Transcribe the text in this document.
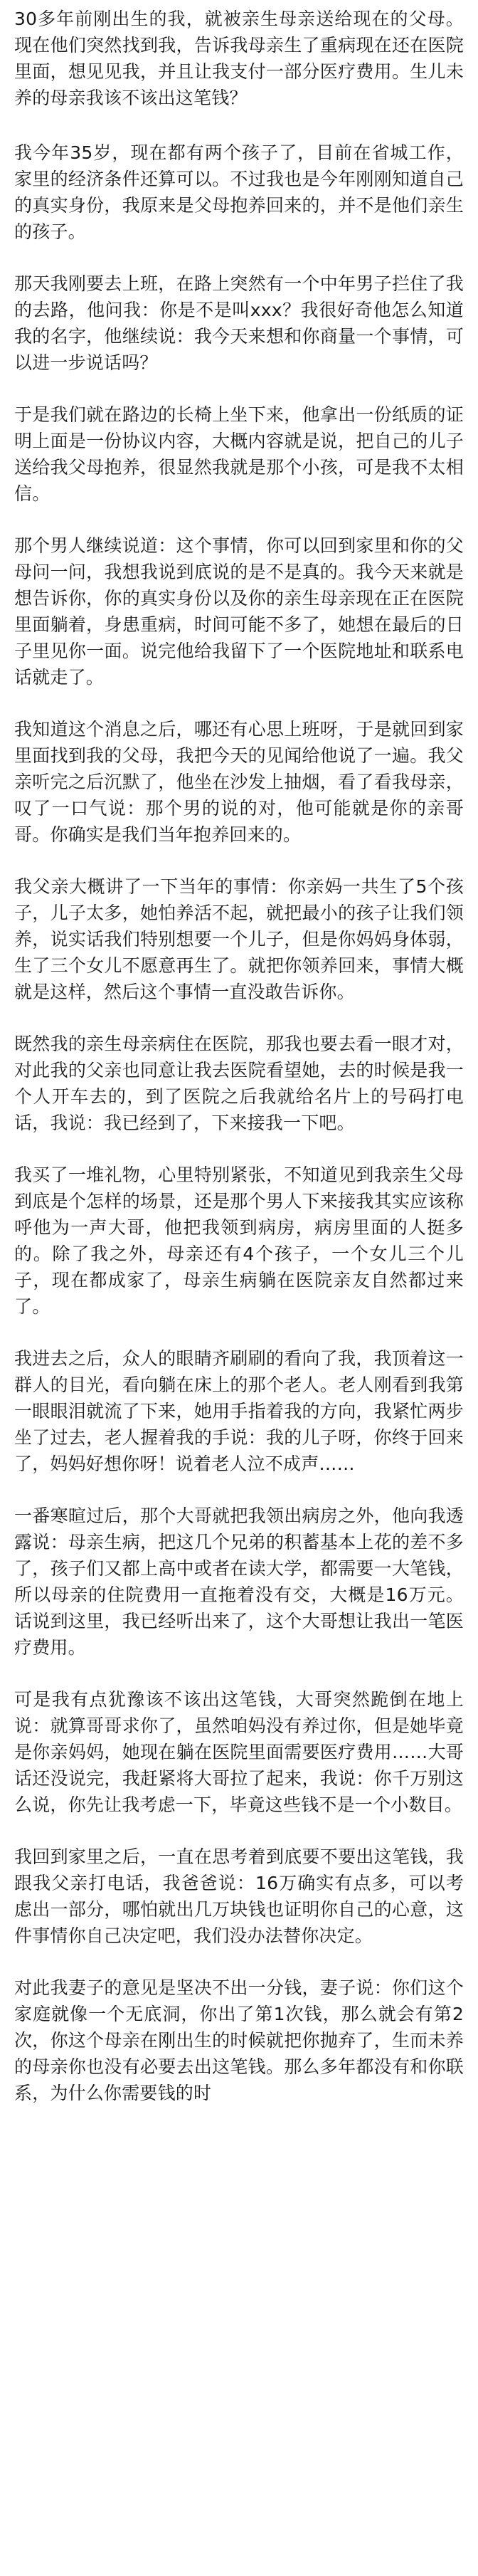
30多年前刚出生的我，就被亲生母亲送给现在的父母。现在他们突然找到我，告诉我母亲生了重病现在还在医院里面，想见见我，并且让我支付一部分医疗费用。生儿未养的母亲我该不该出这笔钱？

我今年35岁，现在都有两个孩子了，目前在省城工作，家里的经济条件还算可以。不过我也是今年刚刚知道自己的真实身份，我原来是父母抱养回来的，并不是他们亲生的孩子。

那天我刚要去上班，在路上突然有一个中年男子拦住了我的去路，他问我：你是不是叫xxx？我很好奇他怎么知道我的名字，他继续说：我今天来想和你商量一个事情，可以进一步说话吗？

于是我们就在路边的长椅上坐下来，他拿出一份纸质的证明上面是一份协议内容，大概内容就是说，把自己的儿子送给我父母抱养，很显然我就是那个小孩，可是我不太相信。

那个男人继续说道：这个事情，你可以回到家里和你的父母问一问，我想我说到底说的是不是真的。我今天来就是想告诉你，你的真实身份以及你的亲生母亲现在正在医院里面躺着，身患重病，时间可能不多了，她想在最后的日子里见你一面。说完他给我留下了一个医院地址和联系电话就走了。

我知道这个消息之后，哪还有心思上班呀，于是就回到家里面找到我的父母，我把今天的见闻给他说了一遍。我父亲听完之后沉默了，他坐在沙发上抽烟，看了看我母亲，叹了一口气说：那个男的说的对，他可能就是你的亲哥哥。你确实是我们当年抱养回来的。

我父亲大概讲了一下当年的事情：你亲妈一共生了5个孩子，儿子太多，她怕养活不起，就把最小的孩子让我们领养，说实话我们特别想要一个儿子，但是你妈妈身体弱，生了三个女儿不愿意再生了。就把你领养回来，事情大概就是这样，然后这个事情一直没敢告诉你。

既然我的亲生母亲病住在医院，那我也要去看一眼才对，对此我的父亲也同意让我去医院看望她，去的时候是我一个人开车去的，到了医院之后我就给名片上的号码打电话，我说：我已经到了，下来接我一下吧。

我买了一堆礼物，心里特别紧张，不知道见到我亲生父母到底是个怎样的场景，还是那个男人下来接我其实应该称呼他为一声大哥，他把我领到病房，病房里面的人挺多的。除了我之外，母亲还有4个孩子，一个女儿三个儿子，现在都成家了，母亲生病躺在医院亲友自然都过来了。

我进去之后，众人的眼睛齐刷刷的看向了我，我顶着这一群人的目光，看向躺在床上的那个老人。老人刚看到我第一眼眼泪就流了下来，她用手指着我的方向，我紧忙两步坐了过去，老人握着我的手说：我的儿子呀，你终于回来了，妈妈好想你呀！说着老人泣不成声……

一番寒暄过后，那个大哥就把我领出病房之外，他向我透露说：母亲生病，把这几个兄弟的积蓄基本上花的差不多了，孩子们又都上高中或者在读大学，都需要一大笔钱，所以母亲的住院费用一直拖着没有交，大概是16万元。话说到这里，我已经听出来了，这个大哥想让我出一笔医疗费用。

可是我有点犹豫该不该出这笔钱，大哥突然跪倒在地上说：就算哥哥求你了，虽然咱妈没有养过你，但是她毕竟是你亲妈妈，她现在躺在医院里面需要医疗费用……大哥话还没说完，我赶紧将大哥拉了起来，我说：你千万别这么说，你先让我考虑一下，毕竟这些钱不是一个小数目。

我回到家里之后，一直在思考着到底要不要出这笔钱，我跟我父亲打电话，我爸爸说：16万确实有点多，可以考虑出一部分，哪怕就出几万块钱也证明你自己的心意，这件事情你自己决定吧，我们没办法替你决定。

对此我妻子的意见是坚决不出一分钱，妻子说：你们这个家庭就像一个无底洞，你出了第1次钱，那么就会有第2次，你这个母亲在刚出生的时候就把你抛弃了，生而未养的母亲你也没有必要去出这笔钱。那么多年都没有和你联系，为什么你需要钱的时
